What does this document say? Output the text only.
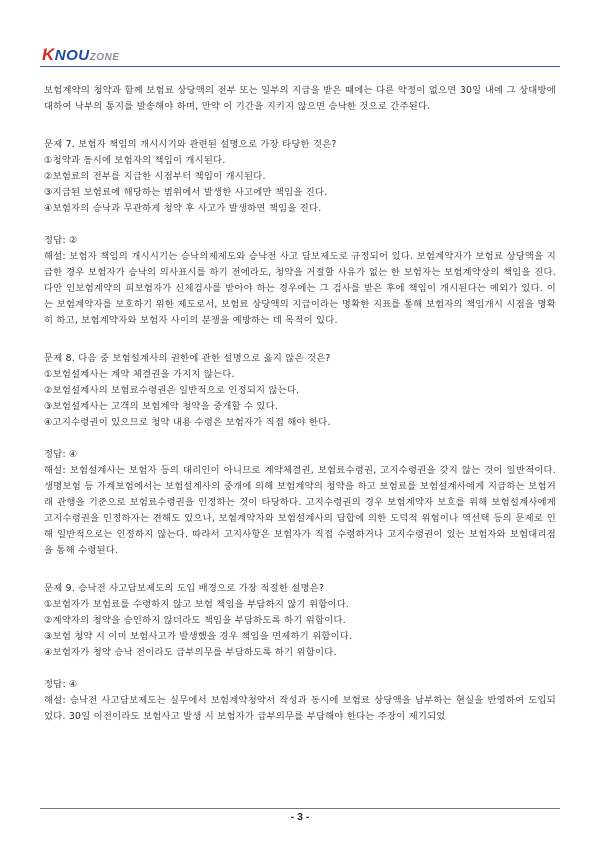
KNOUZONE

보험계약의 청약과 함께 보험료 상당액의 전부 또는 일부의 지급을 받은 때에는 다른 약정이 없으면 30일 내에 그 상대방에 대하여 낙부의 통지를 발송해야 하며, 만약 이 기간을 지키지 않으면 승낙한 것으로 간주된다.

문제 7. 보험자 책임의 개시시기와 관련된 설명으로 가장 타당한 것은?

①청약과 동시에 보험자의 책임이 개시된다.

②보험료의 전부를 지급한 시점부터 책임이 개시된다.

③지급된 보험료에 해당하는 범위에서 발생한 사고에만 책임을 진다.

④보험자의 승낙과 무관하게 청약 후 사고가 발생하면 책임을 진다.

정답: ②

해설: 보험자 책임의 개시시기는 승낙의제제도와 승낙전 사고 담보제도로 규정되어 있다. 보험계약자가 보험료 상당액을 지급한 경우 보험자가 승낙의 의사표시를 하기 전에라도, 청약을 거절할 사유가 없는 한 보험자는 보험계약상의 책임을 진다. 다만 인보험계약의 피보험자가 신체검사를 받아야 하는 경우에는 그 검사를 받은 후에 책임이 개시된다는 예외가 있다. 이는 보험계약자를 보호하기 위한 제도로서, 보험료 상당액의 지급이라는 명확한 지표를 통해 보험자의 책임개시 시점을 명확히 하고, 보험계약자와 보험자 사이의 분쟁을 예방하는 데 목적이 있다.

문제 8. 다음 중 보험설계사의 권한에 관한 설명으로 옳지 않은 것은?

①보험설계사는 계약 체결권을 가지지 않는다.

②보험설계사의 보험료수령권은 일반적으로 인정되지 않는다.

③보험설계사는 고객의 보험계약 청약을 중개할 수 있다.

④고지수령권이 있으므로 청약 내용 수령은 보험자가 직접 해야 한다.

정답: ④

해설: 보험설계사는 보험자 등의 대리인이 아니므로 계약체결권, 보험료수령권, 고지수령권을 갖지 않는 것이 일반적이다. 생명보험 등 가계보험에서는 보험설계사의 중개에 의해 보험계약의 청약을 하고 보험료를 보험설계사에게 지급하는 보험거래 관행을 기준으로 보험료수령권을 인정하는 것이 타당하다. 고지수령권의 경우 보험계약자 보호를 위해 보험설계사에게 고지수령권을 인정하자는 견해도 있으나, 보험계약자와 보험설계사의 담합에 의한 도덕적 위험이나 역선택 등의 문제로 인해 일반적으로는 인정하지 않는다. 따라서 고지사항은 보험자가 직접 수령하거나 고지수령권이 있는 보험자와 보험대리점을 통해 수령된다.

문제 9. 승낙전 사고담보제도의 도입 배경으로 가장 적절한 설명은?

①보험자가 보험료를 수령하지 않고 보험 책임을 부담하지 않기 위함이다.

②계약자의 청약을 승인하지 않더라도 책임을 부담하도록 하기 위함이다.

③보험 청약 시 이미 보험사고가 발생했을 경우 책임을 면제하기 위함이다.

④보험자가 청약 승낙 전이라도 급부의무를 부담하도록 하기 위함이다.

정답: ④

해설: 승낙전 사고담보제도는 실무에서 보험계약청약서 작성과 동시에 보험료 상당액을 납부하는 현실을 반영하여 도입되었다. 30일 이전이라도 보험사고 발생 시 보험자가 급부의무를 부담해야 한다는 주장이 제기되었

- 3 -
